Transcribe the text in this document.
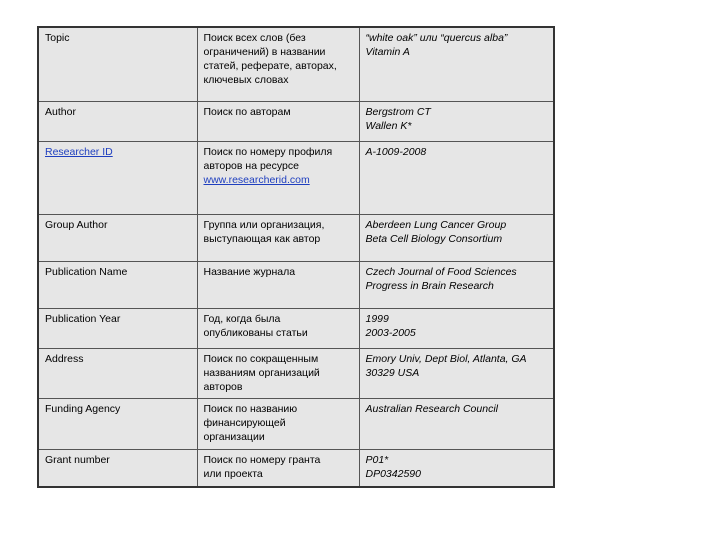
Topic	Поиск всех слов (без
ограничений) в названии
статей, реферате, авторах,
ключевых словах	“white oak” или “quercus alba”
Vitamin A

Author	Поиск по авторам	Bergstrom CT
Wallen K*

Researcher ID	Поиск по номеру профиля
авторов на ресурсе
www.researcherid.com	A-1009-2008

Group Author	Группа или организация,
выступающая как автор	Aberdeen Lung Cancer Group
Beta Cell Biology Consortium

Publication Name	Название журнала	Czech Journal of Food Sciences
Progress in Brain Research

Publication Year	Год, когда была
опубликованы статьи	1999
2003-2005

Address	Поиск по сокращенным
названиям организаций
авторов	Emory Univ, Dept Biol, Atlanta, GA
30329 USA

Funding Agency	Поиск по названию
финансирующей
организации	Australian Research Council

Grant number	Поиск по номеру гранта
или проекта	P01*
DP0342590
